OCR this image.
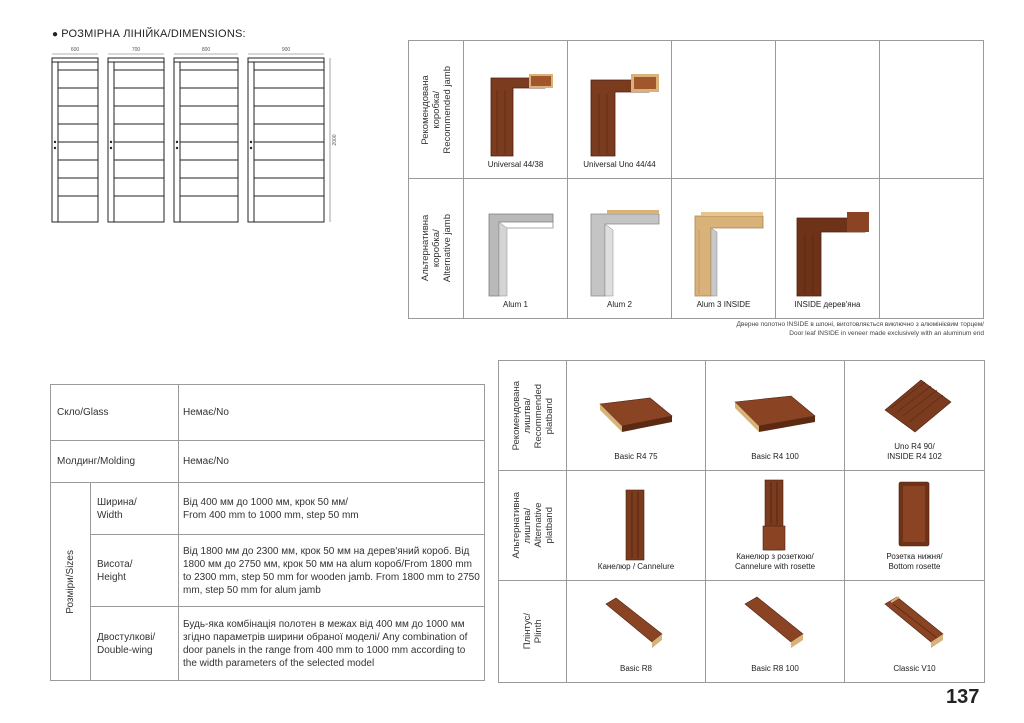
● РОЗМІРНА ЛІНІЙКА/DIMENSIONS:
600	700	800	900
2000	Рекомендована
коробка/
Recommended jamb	Universal 44/38	Universal Uno 44/44			

Альтернативна
коробка/
Alternative jamb	Alum 1	Alum 2	Alum 3 INSIDE	INSIDE дерев'яна	

Дверне полотно INSIDE в шпоні, виготовляється виключно з алюмінієвим торцем/
Door leaf INSIDE in veneer made exclusively with an aluminum end
Скло/Glass		Немає/No
Молдинг/Molding		Немає/No

Розміри/Sizes	Ширина/
Width	Від 400 мм до 1000 мм, крок 50 мм/
From 400 mm to 1000 mm, step 50 mm
	Висота/
Height	Від 1800 мм до 2300 мм, крок 50 мм на дерев'яний короб. Від 1800 мм до 2750 мм, крок 50 мм на alum короб/From 1800 mm to 2300 mm, step 50 mm for wooden jamb. From 1800 mm to 2750 mm, step 50 mm for alum jamb
	Двостулкові/
Double-wing	Будь-яка комбінація полотен в межах від 400 мм до 1000 мм згідно параметрів ширини обраної моделі/ Any combination of door panels in the range from 400 mm to 1000 mm according to the width parameters of the selected model
Рекомендована
лиштва/
Recommended
platband	Basic R4 75	Basic R4 100	Uno R4 90/
INSIDE R4 102

Альтернативна
лиштва/
Alternative
platband	Канелюр / Cannelure	Канелюр з розеткою/
Cannelure with rosette	Розетка нижня/
Bottom rosette

Плінтус/
Plinth	Basic R8	Basic R8 100	Classic V10
137
